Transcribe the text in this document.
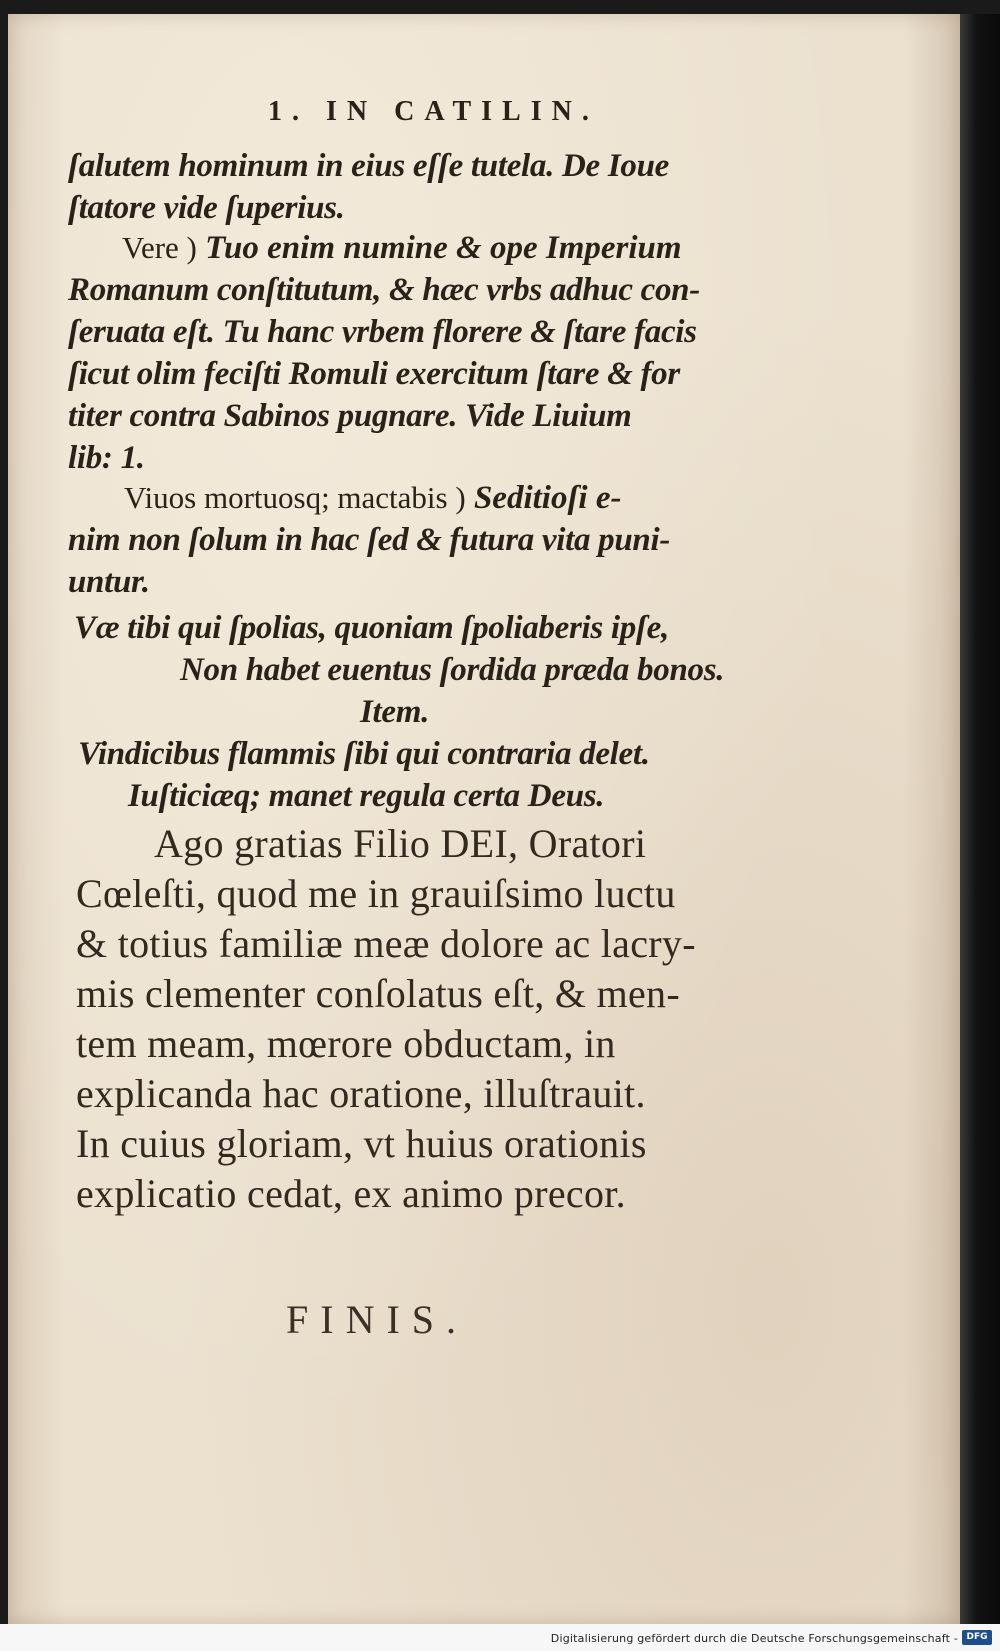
1. IN CATILIN.
ſalutem hominum in eius eſſe tutela. De Ioue
ſtatore vide ſuperius.
Vere ) Tuo enim numine & ope Imperium
Romanum conſtitutum, & hæc vrbs adhuc con‑
ſeruata eſt. Tu hanc vrbem florere & ſtare facis
ſicut olim feciſti Romuli exercitum ſtare & for
titer contra Sabinos pugnare. Vide Liuium
lib: 1.
Viuos mortuosq; mactabis ) Seditioſi e‑
nim non ſolum in hac ſed & futura vita puni‑
untur.
Væ tibi qui ſpolias, quoniam ſpoliaberis ipſe,
Non habet euentus ſordida præda bonos.
Item.
Vindicibus flammis ſibi qui contraria delet.
Iuſticiæq; manet regula certa Deus.
Ago gratias Filio DEI, Oratori
Cœleſti, quod me in grauiſsimo luctu
& totius familiæ meæ dolore ac lacry‑
mis clementer conſolatus eſt, & men‑
tem meam, mœrore obductam, in
explicanda hac oratione, illuſtrauit.
In cuius gloriam, vt huius orationis
explicatio cedat, ex animo precor.
FINIS.
Digitalisierung gefördert durch die Deutsche Forschungsgemeinschaft - DFG
